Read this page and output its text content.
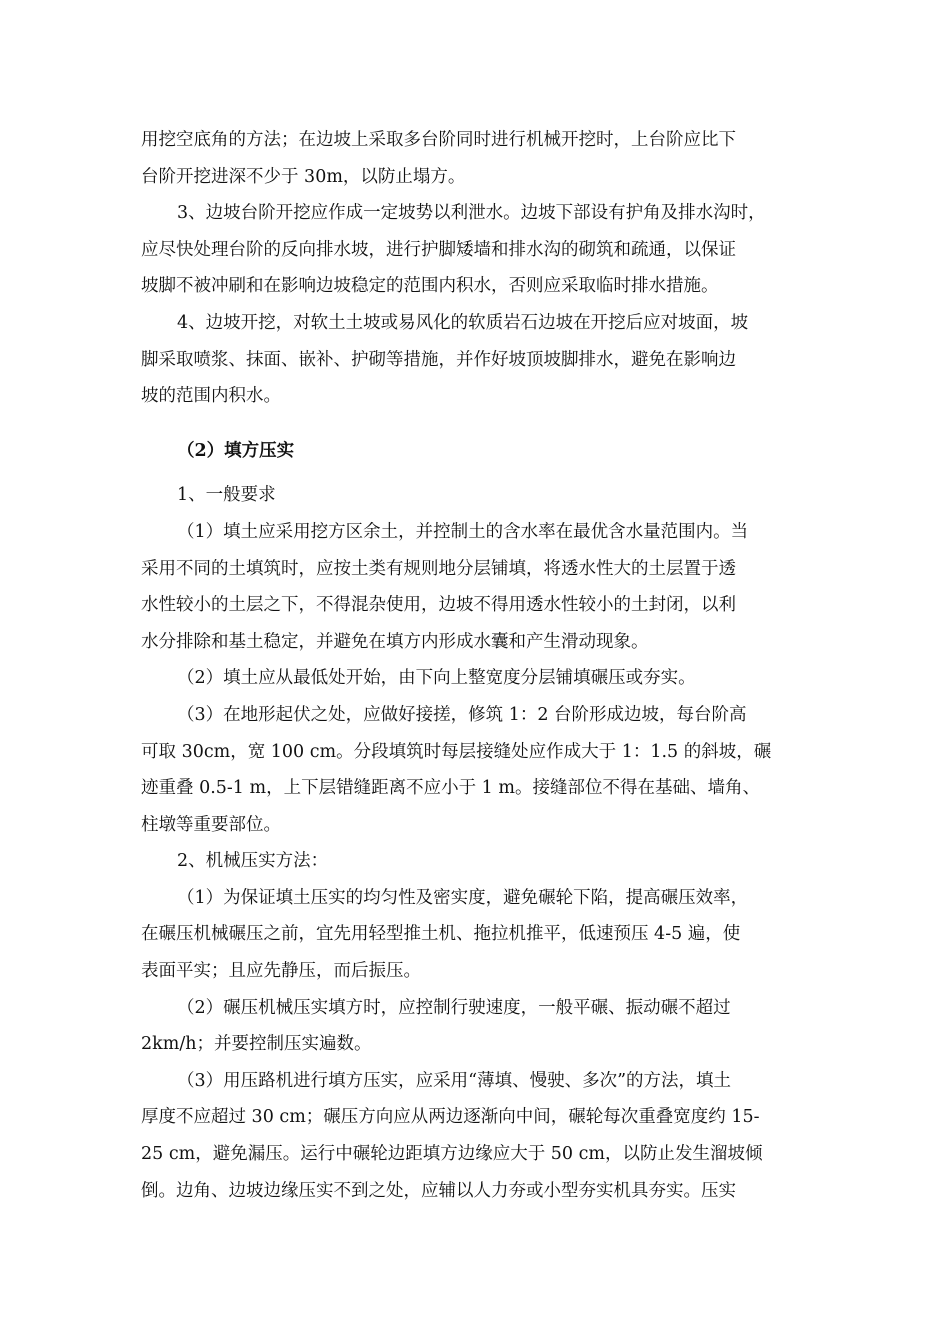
用挖空底角的方法；在边坡上采取多台阶同时进行机械开挖时，上台阶应比下

台阶开挖进深不少于 30m，以防止塌方。

3、边坡台阶开挖应作成一定坡势以利泄水。边坡下部设有护角及排水沟时，

应尽快处理台阶的反向排水坡，进行护脚矮墙和排水沟的砌筑和疏通，以保证

坡脚不被冲刷和在影响边坡稳定的范围内积水，否则应采取临时排水措施。

4、边坡开挖，对软土土坡或易风化的软质岩石边坡在开挖后应对坡面，坡

脚采取喷浆、抹面、嵌补、护砌等措施，并作好坡顶坡脚排水，避免在影响边

坡的范围内积水。

（2）填方压实

1、一般要求

（1）填土应采用挖方区余土，并控制土的含水率在最优含水量范围内。当

采用不同的土填筑时，应按土类有规则地分层铺填，将透水性大的土层置于透

水性较小的土层之下，不得混杂使用，边坡不得用透水性较小的土封闭，以利

水分排除和基土稳定，并避免在填方内形成水囊和产生滑动现象。

（2）填土应从最低处开始，由下向上整宽度分层铺填碾压或夯实。

（3）在地形起伏之处，应做好接搓，修筑 1：2 台阶形成边坡，每台阶高

可取 30cm，宽 100 cm。分段填筑时每层接缝处应作成大于 1：1.5 的斜坡，碾

迹重叠 0.5-1 m，上下层错缝距离不应小于 1 m。接缝部位不得在基础、墙角、

柱墩等重要部位。

2、机械压实方法：

（1）为保证填土压实的均匀性及密实度，避免碾轮下陷，提高碾压效率，

在碾压机械碾压之前，宜先用轻型推土机、拖拉机推平，低速预压 4-5 遍，使

表面平实；且应先静压，而后振压。

（2）碾压机械压实填方时，应控制行驶速度，一般平碾、振动碾不超过

2km/h；并要控制压实遍数。

（3）用压路机进行填方压实，应采用“薄填、慢驶、多次”的方法，填土

厚度不应超过 30 cm；碾压方向应从两边逐渐向中间，碾轮每次重叠宽度约 15-

25 cm，避免漏压。运行中碾轮边距填方边缘应大于 50 cm，以防止发生溜坡倾

倒。边角、边坡边缘压实不到之处，应辅以人力夯或小型夯实机具夯实。压实
